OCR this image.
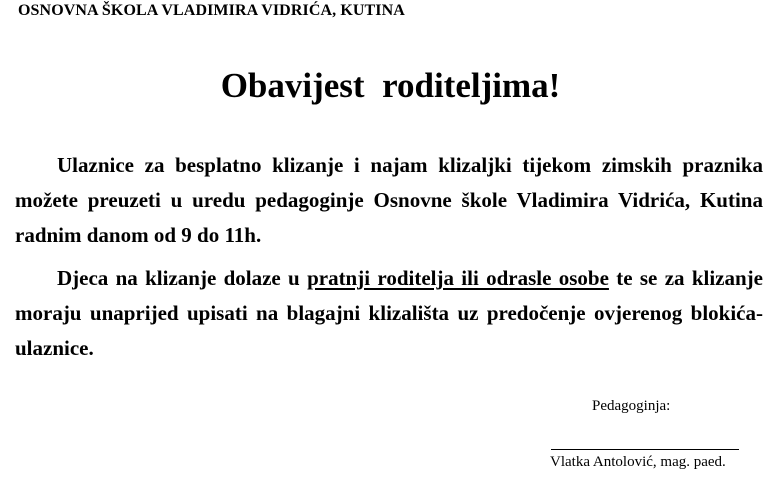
OSNOVNA ŠKOLA VLADIMIRA VIDRIĆA, KUTINA
Obavijest  roditeljima!

Ulaznice za besplatno klizanje i najam klizaljki tijekom zimskih praznika možete preuzeti u uredu pedagoginje Osnovne škole Vladimira Vidrića, Kutina radnim danom od 9 do 11h.

Djeca na klizanje dolaze u pratnji roditelja ili odrasle osobe te se za klizanje moraju unaprijed upisati na blagajni klizališta uz predočenje ovjerenog blokića-ulaznice.

Pedagoginja:
Vlatka Antolović, mag. paed.
